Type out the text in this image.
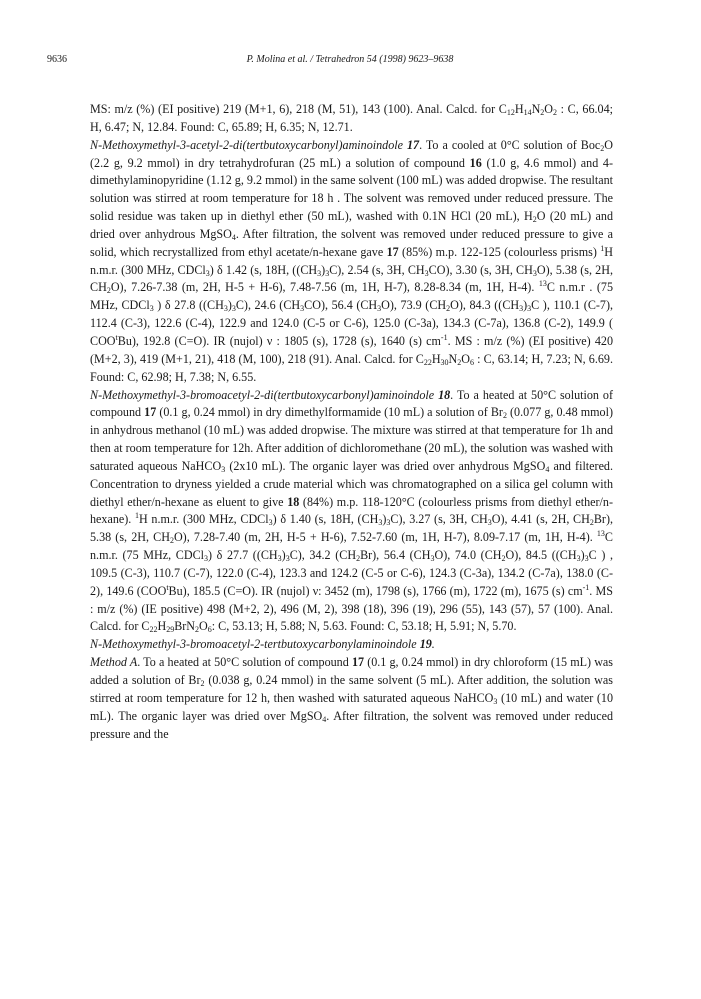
9636	P. Molina et al. / Tetrahedron 54 (1998) 9623–9638

MS: m/z (%) (EI positive) 219 (M+1, 6), 218 (M, 51), 143 (100). Anal. Calcd. for $C_{12}H_{14}N_2O_2$ : C, 66.04; H, 6.47; N, 12.84. Found: C, 65.89; H, 6.35; N, 12.71.

N-Methoxymethyl-3-acetyl-2-di(tertbutoxycarbonyl)aminoindole 17. To a cooled at 0°C solution of Boc$_2$O (2.2 g, 9.2 mmol) in dry tetrahydrofuran (25 mL) a solution of compound 16 (1.0 g, 4.6 mmol) and 4-dimethylaminopyridine (1.12 g, 9.2 mmol) in the same solvent (100 mL) was added dropwise. The resultant solution was stirred at room temperature for 18 h . The solvent was removed under reduced pressure. The solid residue was taken up in diethyl ether (50 mL), washed with 0.1N HCl (20 mL), $H_2O$ (20 mL) and dried over anhydrous MgSO$_4$. After filtration, the solvent was removed under reduced pressure to give a solid, which recrystallized from ethyl acetate/n-hexane gave 17 (85%) m.p. 122-125 (colourless prisms) $^1$H n.m.r. (300 MHz, CDCl$_3$) δ 1.42 (s, 18H, $((CH_3)_3C)$, 2.54 (s, 3H, $CH_3CO$), 3.30 (s, 3H, $CH_3O$), 5.38 (s, 2H, $CH_2O$), 7.26-7.38 (m, 2H, H-5 + H-6), 7.48-7.56 (m, 1H, H-7), 8.28-8.34 (m, 1H, H-4). $^{13}$C n.m.r . (75 MHz, CDCl$_3$ ) δ 27.8 $((CH_3)_3C)$, 24.6 $(CH_3CO)$, 56.4 $(CH_3O)$, 73.9 $(CH_2O)$, 84.3 ($(CH_3)_3C$ ), 110.1 (C-7), 112.4 (C-3), 122.6 (C-4), 122.9 and 124.0 (C-5 or C-6), 125.0 (C-3a), 134.3 (C-7a), 136.8 (C-2), 149.9 ( COO$^t$Bu), 192.8 (C=O). IR (nujol) ν : 1805 (s), 1728 (s), 1640 (s) $cm^{-1}$. MS : m/z (%) (EI positive) 420 (M+2, 3), 419 (M+1, 21), 418 (M, 100), 218 (91). Anal. Calcd. for $C_{22}H_{30}N_2O_6$ : C, 63.14; H, 7.23; N, 6.69. Found: C, 62.98; H, 7.38; N, 6.55.

N-Methoxymethyl-3-bromoacetyl-2-di(tertbutoxycarbonyl)aminoindole 18. To a heated at 50°C solution of compound 17 (0.1 g, 0.24 mmol) in dry dimethylformamide (10 mL) a solution of $Br_2$ (0.077 g, 0.48 mmol) in anhydrous methanol (10 mL) was added dropwise. The mixture was stirred at that temperature for 1h and then at room temperature for 12h. After addition of dichloromethane (20 mL), the solution was washed with saturated aqueous NaHCO$_3$ (2x10 mL). The organic layer was dried over anhydrous MgSO$_4$ and filtered. Concentration to dryness yielded a crude material which was chromatographed on a silica gel column with diethyl ether/n-hexane as eluent to give 18 (84%) m.p. 118-120°C (colourless prisms from diethyl ether/n-hexane). $^1$H n.m.r. (300 MHz, CDCl$_3$) δ 1.40 (s, 18H, $(CH_3)_3C$), 3.27 (s, 3H, $CH_3O$), 4.41 (s, 2H, $CH_2Br$), 5.38 (s, 2H, $CH_2O$), 7.28-7.40 (m, 2H, H-5 + H-6), 7.52-7.60 (m, 1H, H-7), 8.09-7.17 (m, 1H, H-4). $^{13}$C n.m.r. (75 MHz, CDCl$_3$) δ 27.7 $((CH_3)_3C)$, 34.2 $(CH_2Br)$, 56.4 $(CH_3O)$, 74.0 $(CH_2O)$, 84.5 ($(CH_3)_3C$ ) , 109.5 (C-3), 110.7 (C-7), 122.0 (C-4), 123.3 and 124.2 (C-5 or C-6), 124.3 (C-3a), 134.2 (C-7a), 138.0 (C-2), 149.6 (COO$^t$Bu), 185.5 (C=O). IR (nujol) ν: 3452 (m), 1798 (s), 1766 (m), 1722 (m), 1675 (s) $cm^{-1}$. MS : m/z (%) (IE positive) 498 (M+2, 2), 496 (M, 2), 398 (18), 396 (19), 296 (55), 143 (57), 57 (100). Anal. Calcd. for $C_{22}H_{29}BrN_2O_6$: C, 53.13; H, 5.88; N, 5.63. Found: C, 53.18; H, 5.91; N, 5.70.

N-Methoxymethyl-3-bromoacetyl-2-tertbutoxycarbonylaminoindole 19.

Method A. To a heated at 50°C solution of compound 17 (0.1 g, 0.24 mmol) in dry chloroform (15 mL) was added a solution of $Br_2$ (0.038 g, 0.24 mmol) in the same solvent (5 mL). After addition, the solution was stirred at room temperature for 12 h, then washed with saturated aqueous NaHCO$_3$ (10 mL) and water (10 mL). The organic layer was dried over MgSO$_4$. After filtration, the solvent was removed under reduced pressure and the
